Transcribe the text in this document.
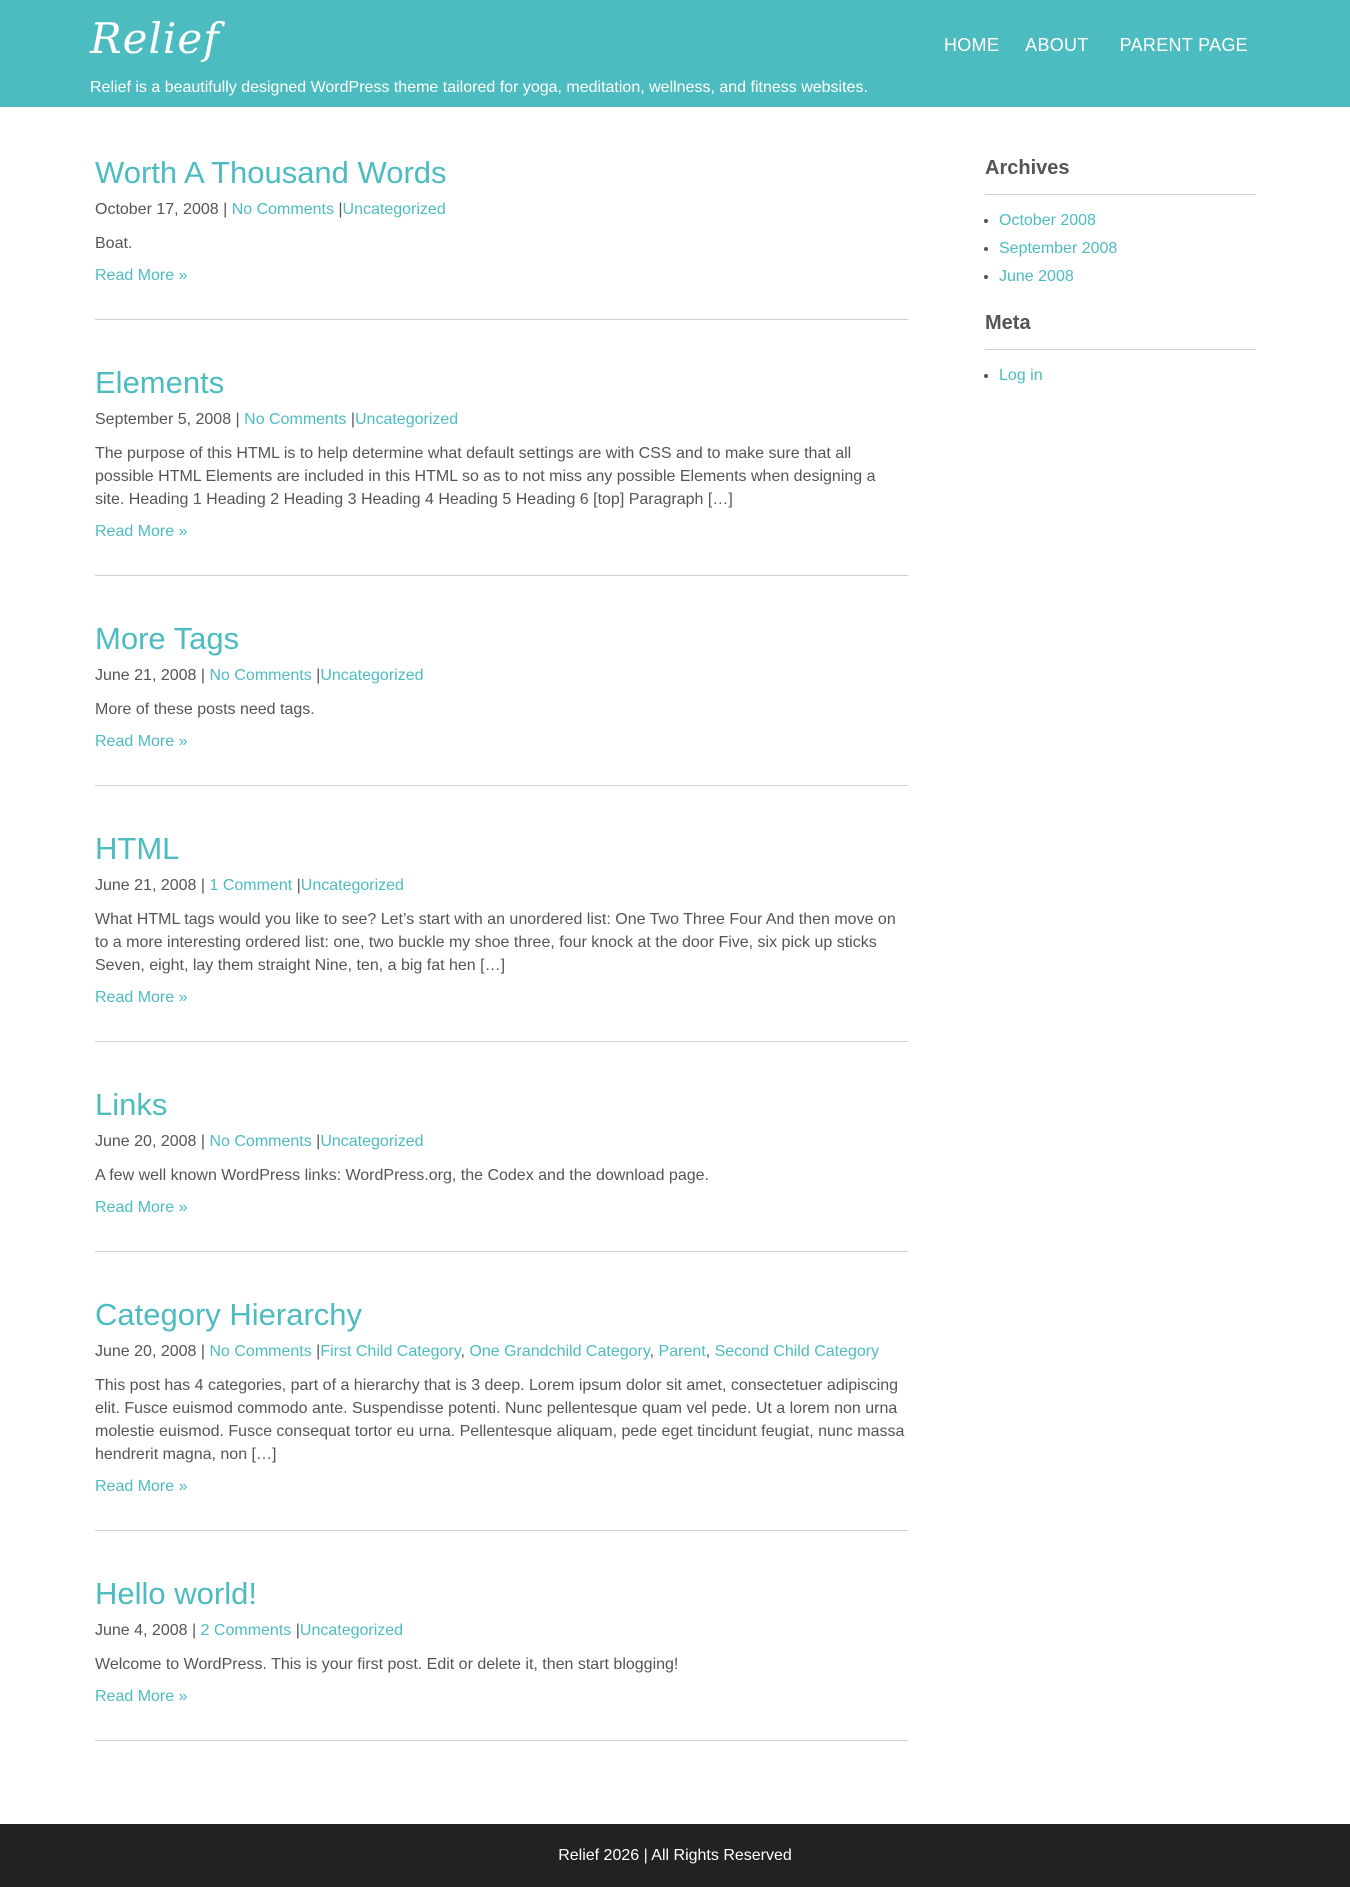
Relief
Relief is a beautifully designed WordPress theme tailored for yoga, meditation, wellness, and fitness websites.
HOME ABOUT PARENT PAGE
Worth A Thousand Words
October 17, 2008 | No Comments |Uncategorized

Boat.

Read More »
Elements
September 5, 2008 | No Comments |Uncategorized

The purpose of this HTML is to help determine what default settings are with CSS and to make sure that all possible HTML Elements are included in this HTML so as to not miss any possible Elements when designing a site. Heading 1 Heading 2 Heading 3 Heading 4 Heading 5 Heading 6 [top] Paragraph […]

Read More »
More Tags
June 21, 2008 | No Comments |Uncategorized

More of these posts need tags.

Read More »
HTML
June 21, 2008 | 1 Comment |Uncategorized

What HTML tags would you like to see? Let’s start with an unordered list: One Two Three Four And then move on to a more interesting ordered list: one, two buckle my shoe three, four knock at the door Five, six pick up sticks Seven, eight, lay them straight Nine, ten, a big fat hen […]

Read More »
Links
June 20, 2008 | No Comments |Uncategorized

A few well known WordPress links: WordPress.org, the Codex and the download page.

Read More »
Category Hierarchy
June 20, 2008 | No Comments |First Child Category, One Grandchild Category, Parent, Second Child Category

This post has 4 categories, part of a hierarchy that is 3 deep. Lorem ipsum dolor sit amet, consectetuer adipiscing elit. Fusce euismod commodo ante. Suspendisse potenti. Nunc pellentesque quam vel pede. Ut a lorem non urna molestie euismod. Fusce consequat tortor eu urna. Pellentesque aliquam, pede eget tincidunt feugiat, nunc massa hendrerit magna, non […]

Read More »
Hello world!
June 4, 2008 | 2 Comments |Uncategorized

Welcome to WordPress. This is your first post. Edit or delete it, then start blogging!

Read More »
Archives
• October 2008
• September 2008
• June 2008
Meta
• Log in
Relief 2026 | All Rights Reserved
